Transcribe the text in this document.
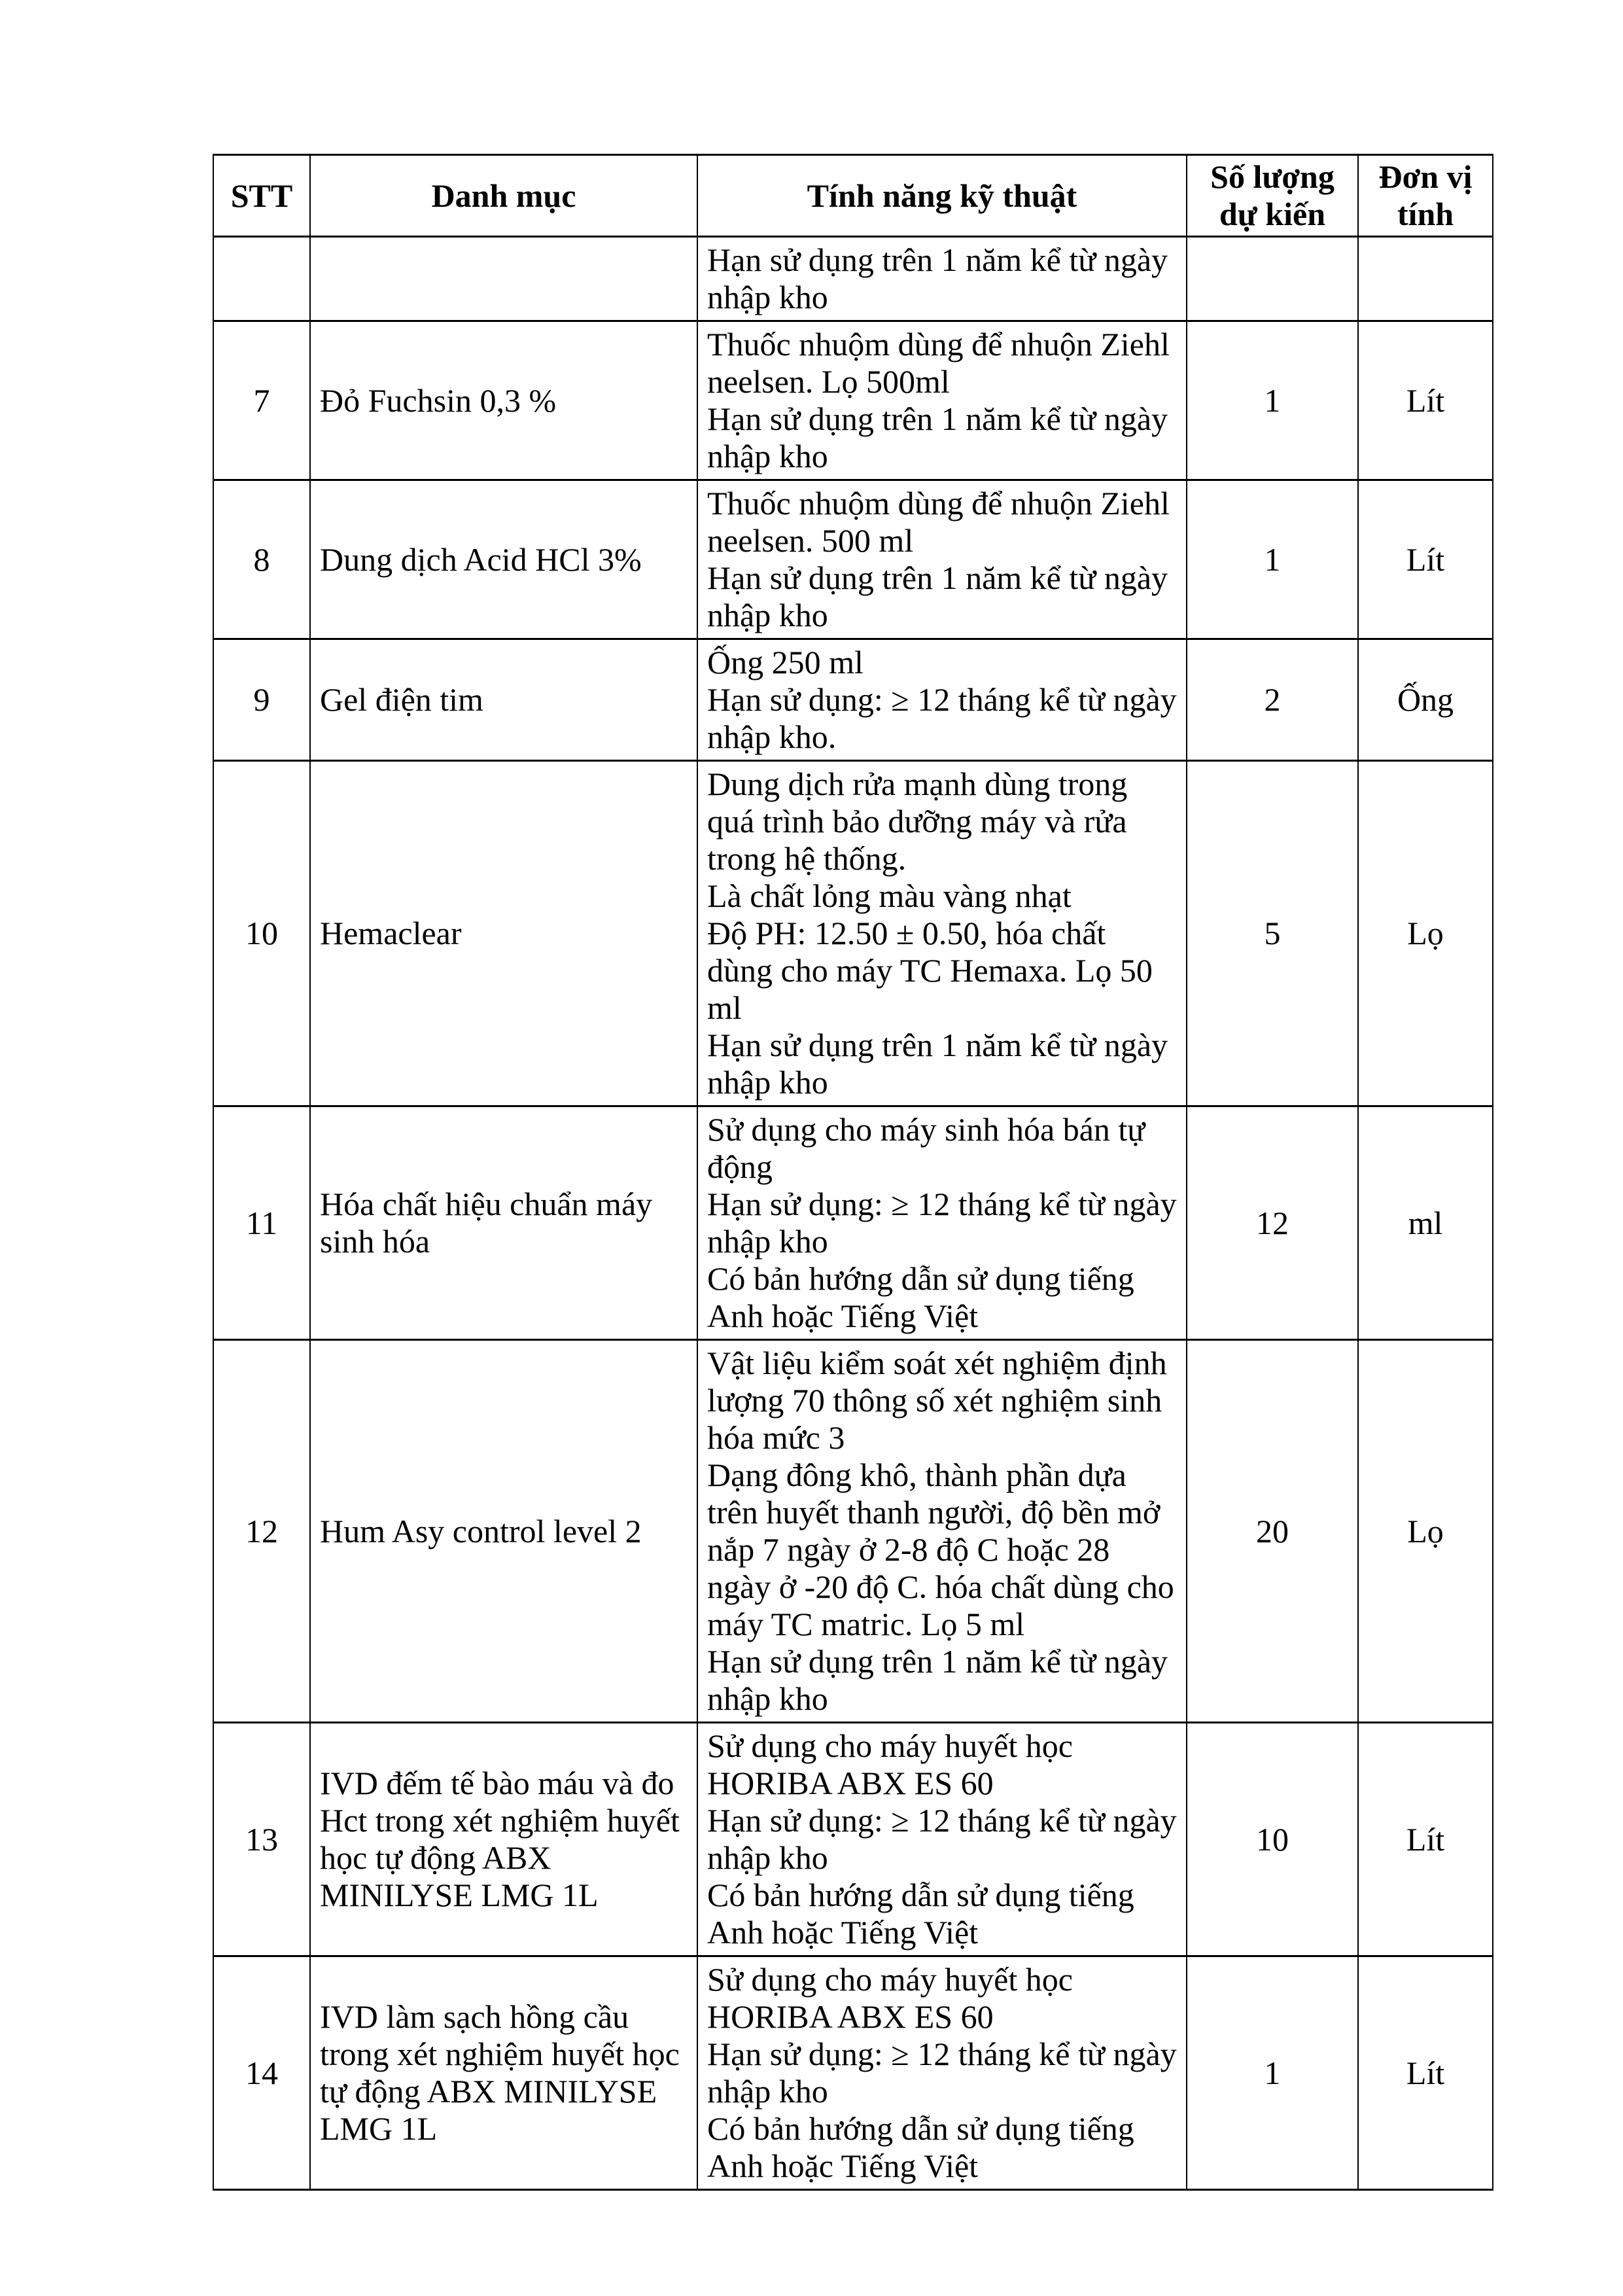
STT	Danh mục	Tính năng kỹ thuật	Số lượng dự kiến	Đơn vị tính

		Hạn sử dụng trên 1 năm kể từ ngày nhập kho		

7	Đỏ Fuchsin 0,3 %	Thuốc nhuộm dùng để nhuộn Ziehl neelsen. Lọ 500ml
Hạn sử dụng trên 1 năm kể từ ngày nhập kho	1	Lít
8	Dung dịch Acid HCl 3%	Thuốc nhuộm dùng để nhuộn Ziehl neelsen. 500 ml
Hạn sử dụng trên 1 năm kể từ ngày nhập kho	1	Lít
9	Gel điện tim	Ống 250 ml
Hạn sử dụng: ≥ 12 tháng kể từ ngày nhập kho.	2	Ống
10	Hemaclear	Dung dịch rửa mạnh dùng trong quá trình bảo dưỡng máy và rửa trong hệ thống.
Là chất lỏng màu vàng nhạt
Độ PH: 12.50 ± 0.50, hóa chất dùng cho máy TC Hemaxa. Lọ 50 ml
Hạn sử dụng trên 1 năm kể từ ngày nhập kho	5	Lọ
11	Hóa chất hiệu chuẩn máy sinh hóa	Sử dụng cho máy sinh hóa bán tự động
Hạn sử dụng: ≥ 12 tháng kể từ ngày nhập kho
Có bản hướng dẫn sử dụng tiếng Anh hoặc Tiếng Việt	12	ml
12	Hum Asy control level 2	Vật liệu kiểm soát xét nghiệm định lượng 70 thông số xét nghiệm sinh hóa mức 3
Dạng đông khô, thành phần dựa trên huyết thanh người, độ bền mở nắp 7 ngày ở 2-8 độ C hoặc 28 ngày ở -20 độ C. hóa chất dùng cho máy TC matric. Lọ 5 ml
Hạn sử dụng trên 1 năm kể từ ngày nhập kho	20	Lọ
13	IVD đếm tế bào máu và đo Hct trong xét nghiệm huyết học tự động ABX MINILYSE LMG 1L	Sử dụng cho máy huyết học HORIBA ABX ES 60
Hạn sử dụng: ≥ 12 tháng kể từ ngày nhập kho
Có bản hướng dẫn sử dụng tiếng Anh hoặc Tiếng Việt	10	Lít
14	IVD làm sạch hồng cầu trong xét nghiệm huyết học tự động ABX MINILYSE LMG 1L	Sử dụng cho máy huyết học HORIBA ABX ES 60
Hạn sử dụng: ≥ 12 tháng kể từ ngày nhập kho
Có bản hướng dẫn sử dụng tiếng Anh hoặc Tiếng Việt	1	Lít
